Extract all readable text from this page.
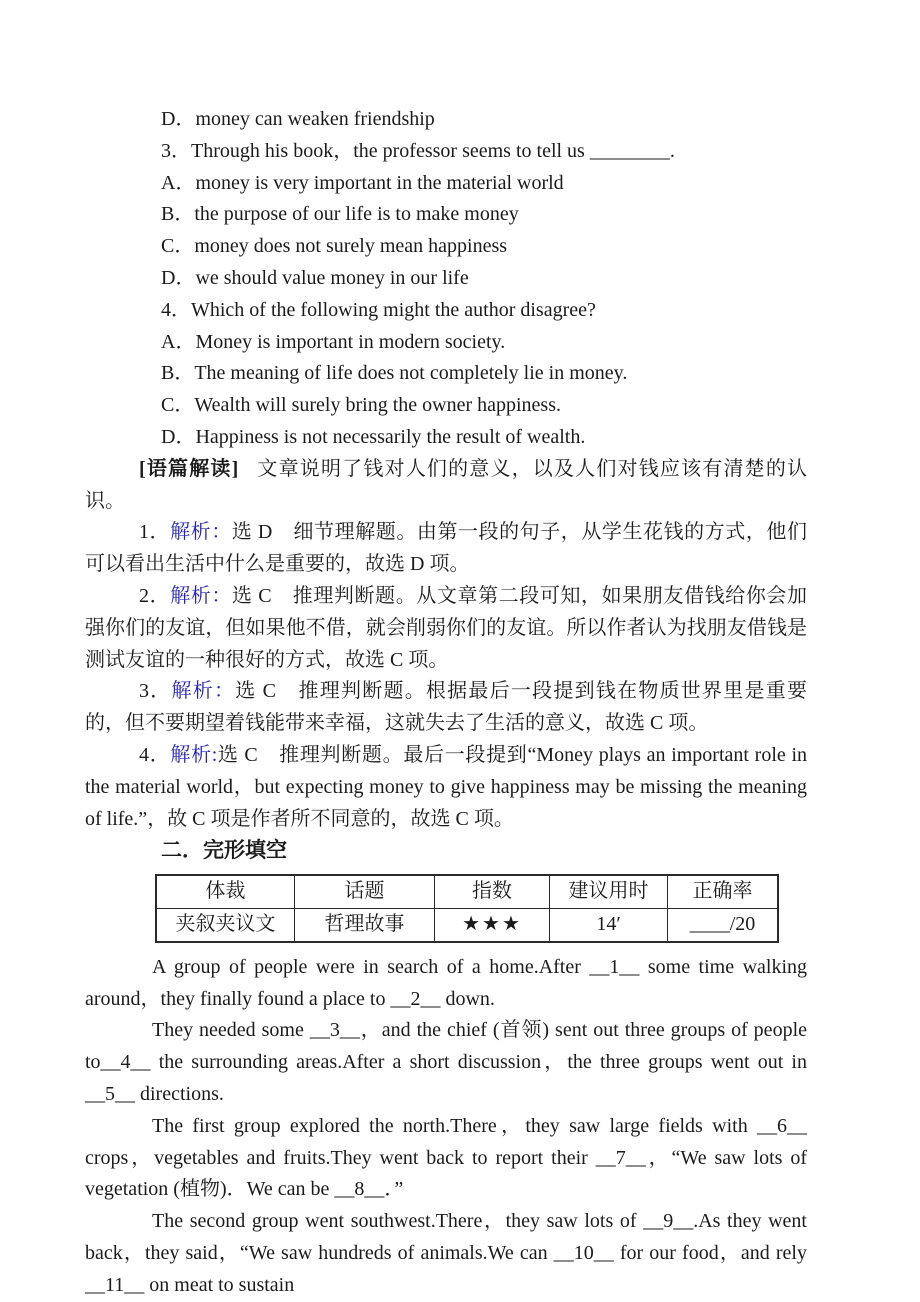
D．money can weaken friendship

3．Through his book，the professor seems to tell us ________.

A．money is very important in the material world

B．the purpose of our life is to make money

C．money does not surely mean happiness

D．we should value money in our life

4．Which of the following might the author disagree?

A．Money is important in modern society.

B．The meaning of life does not completely lie in money.

C．Wealth will surely bring the owner happiness.

D．Happiness is not necessarily the result of wealth.

[语篇解读] 文章说明了钱对人们的意义，以及人们对钱应该有清楚的认识。

1．解析：选 D　细节理解题。由第一段的句子，从学生花钱的方式，他们可以看出生活中什么是重要的，故选 D 项。

2．解析：选 C　推理判断题。从文章第二段可知，如果朋友借钱给你会加强你们的友谊，但如果他不借，就会削弱你们的友谊。所以作者认为找朋友借钱是测试友谊的一种很好的方式，故选 C 项。

3．解析：选 C　推理判断题。根据最后一段提到钱在物质世界里是重要的，但不要期望着钱能带来幸福，这就失去了生活的意义，故选 C 项。

4．解析:选 C　推理判断题。最后一段提到“Money plays an important role in the material world，but expecting money to give happiness may be missing the meaning of life.”，故 C 项是作者所不同意的，故选 C 项。

二．完形填空

体裁	话题	指数	建议用时	正确率
夹叙夹议文	哲理故事	★★★	14′	____/20

A group of people were in search of a home.After __1__ some time walking around，they finally found a place to __2__ down.

They needed some __3__，and the chief (首领) sent out three groups of people to__4__ the surrounding areas.After a short discussion，the three groups went out in __5__ directions.

The first group explored the north.There，they saw large fields with __6__ crops，vegetables and fruits.They went back to report their __7__，“We saw lots of vegetation (植物)．We can be __8__．”

The second group went southwest.There，they saw lots of __9__.As they went back，they said，“We saw hundreds of animals.We can __10__ for our food，and rely __11__ on meat to sustain
